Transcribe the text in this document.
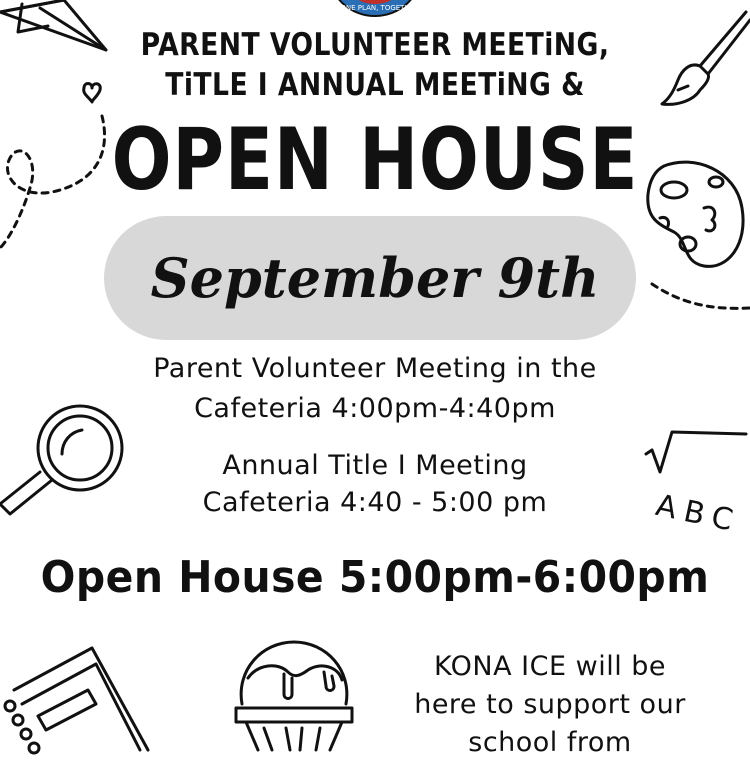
...ONE PLAN, TOGETH...
PARENT VOLUNTEER MEETiNG,
TiTLE I ANNUAL MEETiNG &
OPEN HOUSE
September 9th
Parent Volunteer Meeting in the
Cafeteria 4:00pm-4:40pm
Annual Title I Meeting
Cafeteria 4:40 - 5:00 pm
Open House 5:00pm-6:00pm
KONA ICE will be
here to support our
school from
ABC
